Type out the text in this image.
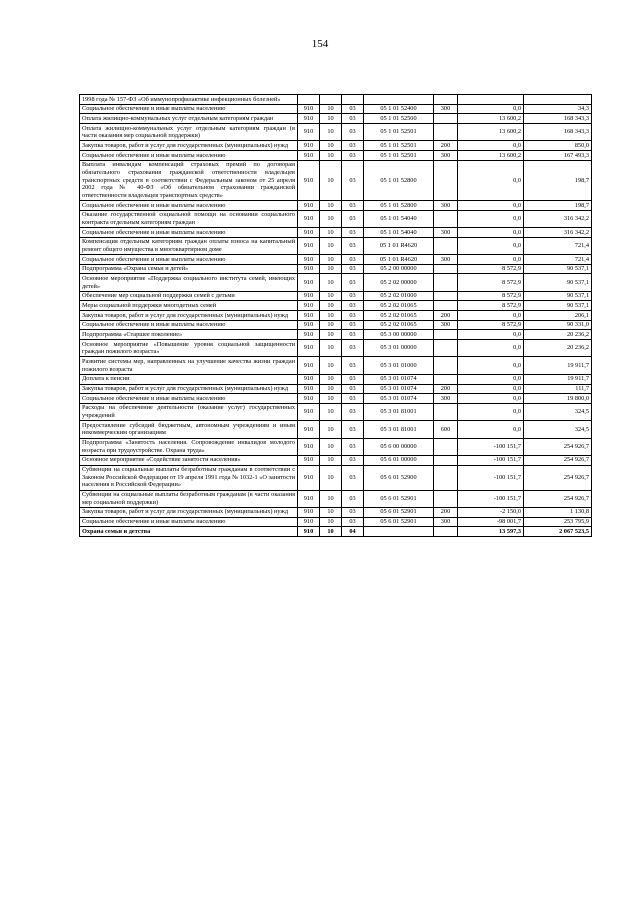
154
1998 года № 157-ФЗ «Об иммунопрофилактике инфекционных болезней»							
Социальное обеспечение и иные выплаты населению	910	10	03	05 1 01 52400	300	0,0	34,3
Оплата жилищно-коммунальных услуг отдельным категориям граждан	910	10	03	05 1 01 52500		13 600,2	168 343,3
Оплата жилищно-коммунальных услуг отдельным категориям граждан (в части оказания мер социальной поддержки)	910	10	03	05 1 01 52501		13 600,2	168 343,3
Закупка товаров, работ и услуг для государственных (муниципальных) нужд	910	10	03	05 1 01 52501	200	0,0	850,0
Социальное обеспечение и иные выплаты населению	910	10	03	05 1 01 52501	300	13 600,2	167 493,3
Выплата инвалидам компенсаций страховых премий по договорам обязательного страхования гражданской ответственности владельцев транспортных средств в соответствии с Федеральным законом от 25 апреля 2002 года № 40-ФЗ «Об обязательном страховании гражданской ответственности владельцев транспортных средств»	910	10	03	05 1 01 52800		0,0	198,7
Социальное обеспечение и иные выплаты населению	910	10	03	05 1 01 52800	300	0,0	198,7
Оказание государственной социальной помощи на основании социального контракта отдельным категориям граждан	910	10	03	05 1 01 54040		0,0	316 342,2
Социальное обеспечение и иные выплаты населению	910	10	03	05 1 01 54040	300	0,0	316 342,2
Компенсация отдельным категориям граждан оплаты взноса на капитальный ремонт общего имущества в многоквартирном доме	910	10	03	05 1 01 R4620		0,0	721,4
Социальное обеспечение и иные выплаты населению	910	10	03	05 1 01 R4620	300	0,0	721,4
Подпрограмма «Охрана семьи и детей»	910	10	03	05 2 00 00000		8 572,9	90 537,1
Основное мероприятие «Поддержка социального института семей, имеющих детей»	910	10	03	05 2 02 00000		8 572,9	90 537,1
Обеспечение мер социальной поддержки семей с детьми	910	10	03	05 2 02 01000		8 572,9	90 537,1
Меры социальной поддержки многодетных семей	910	10	03	05 2 02 01065		8 572,9	90 537,1
Закупка товаров, работ и услуг для государственных (муниципальных) нужд	910	10	03	05 2 02 01065	200	0,0	206,1
Социальное обеспечение и иные выплаты населению	910	10	03	05 2 02 01065	300	8 572,9	90 331,0
Подпрограмма «Старшее поколение»	910	10	03	05 3 00 00000		0,0	20 236,2
Основное мероприятие «Повышение уровня социальной защищенности граждан пожилого возраста»	910	10	03	05 3 01 00000		0,0	20 236,2
Развитие системы мер, направленных на улучшение качества жизни граждан пожилого возраста	910	10	03	05 3 01 01000		0,0	19 911,7
Доплата к пенсии	910	10	03	05 3 01 01074		0,0	19 911,7
Закупка товаров, работ и услуг для государственных (муниципальных) нужд	910	10	03	05 3 01 01074	200	0,0	111,7
Социальное обеспечение и иные выплаты населению	910	10	03	05 3 01 01074	300	0,0	19 800,0
Расходы на обеспечение деятельности (оказание услуг) государственных учреждений	910	10	03	05 3 01 81001		0,0	324,5
Предоставление субсидий бюджетным, автономным учреждениям и иным некоммерческим организациям	910	10	03	05 3 01 81001	600	0,0	324,5
Подпрограмма «Занятость населения. Сопровождение инвалидов молодого возраста при трудоустройстве. Охрана труда»	910	10	03	05 6 00 00000		-100 151,7	254 926,7
Основное мероприятие «Содействие занятости населения»	910	10	03	05 6 01 00000		-100 151,7	254 926,7
Субвенции на социальные выплаты безработным гражданам в соответствии с Законом Российской Федерации от 19 апреля 1991 года № 1032-1 «О занятости населения в Российской Федерации»	910	10	03	05 6 01 52900		-100 151,7	254 926,7
Субвенции на социальные выплаты безработным гражданам (в части оказания мер социальной поддержки)	910	10	03	05 6 01 52901		-100 151,7	254 926,7
Закупка товаров, работ и услуг для государственных (муниципальных) нужд	910	10	03	05 6 01 52901	200	-2 150,0	1 130,8
Социальное обеспечение и иные выплаты населению	910	10	03	05 6 01 52901	300	-98 001,7	253 795,9
Охрана семьи и детства	910	10	04			13 597,3	2 067 523,5
